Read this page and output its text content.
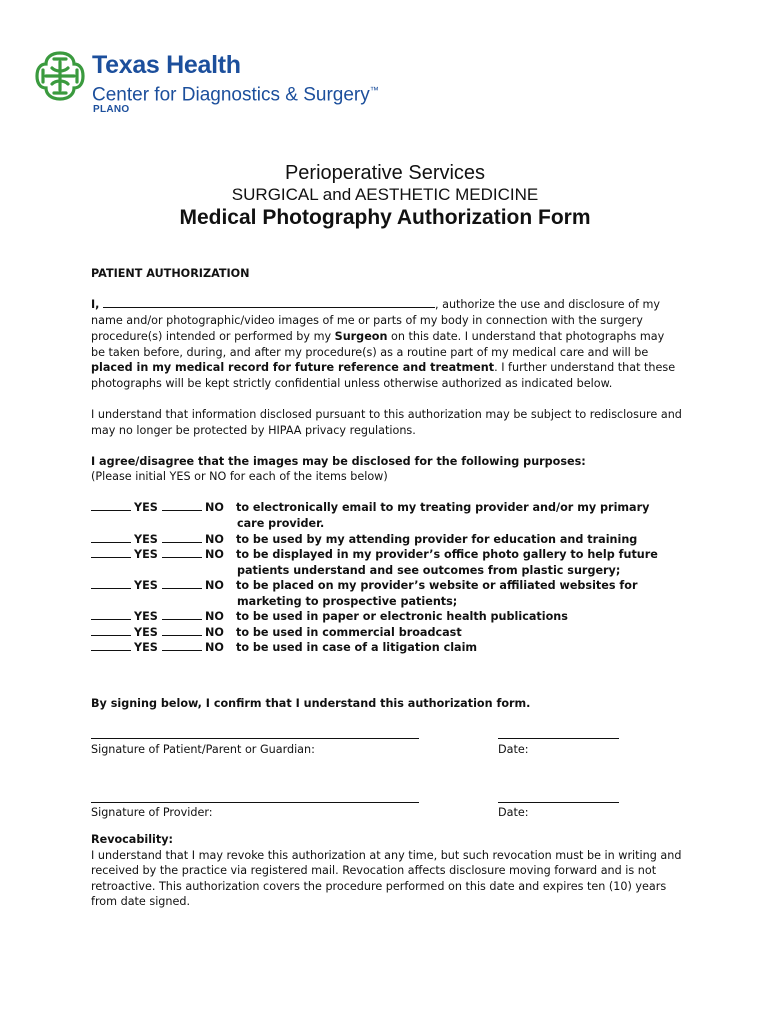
Texas Health
Center for Diagnostics & Surgery™
PLANO
Perioperative Services
SURGICAL and AESTHETIC MEDICINE
Medical Photography Authorization Form
PATIENT AUTHORIZATION
I,	, authorize the use and disclosure of my
name and/or photographic/video images of me or parts of my body in connection with the surgery
procedure(s) intended or performed by my Surgeon on this date. I understand that photographs may
be taken before, during, and after my procedure(s) as a routine part of my medical care and will be
placed in my medical record for future reference and treatment. I further understand that these
photographs will be kept strictly confidential unless otherwise authorized as indicated below.
I understand that information disclosed pursuant to this authorization may be subject to redisclosure and
may no longer be protected by HIPAA privacy regulations.
I agree/disagree that the images may be disclosed for the following purposes:
(Please initial YES or NO for each of the items below)
YES	NO to electronically email to my treating provider and/or my primary
care provider.
YES	NO to be used by my attending provider for education and training
YES	NO to be displayed in my provider’s office photo gallery to help future
patients understand and see outcomes from plastic surgery;
YES	NO to be placed on my provider’s website or affiliated websites for
marketing to prospective patients;
YES	NO to be used in paper or electronic health publications
YES	NO to be used in commercial broadcast
YES	NO to be used in case of a litigation claim
By signing below, I confirm that I understand this authorization form.
Signature of Patient/Parent or Guardian:	Date:
Signature of Provider:	Date:
Revocability:
I understand that I may revoke this authorization at any time, but such revocation must be in writing and
received by the practice via registered mail. Revocation affects disclosure moving forward and is not
retroactive. This authorization covers the procedure performed on this date and expires ten (10) years
from date signed.
